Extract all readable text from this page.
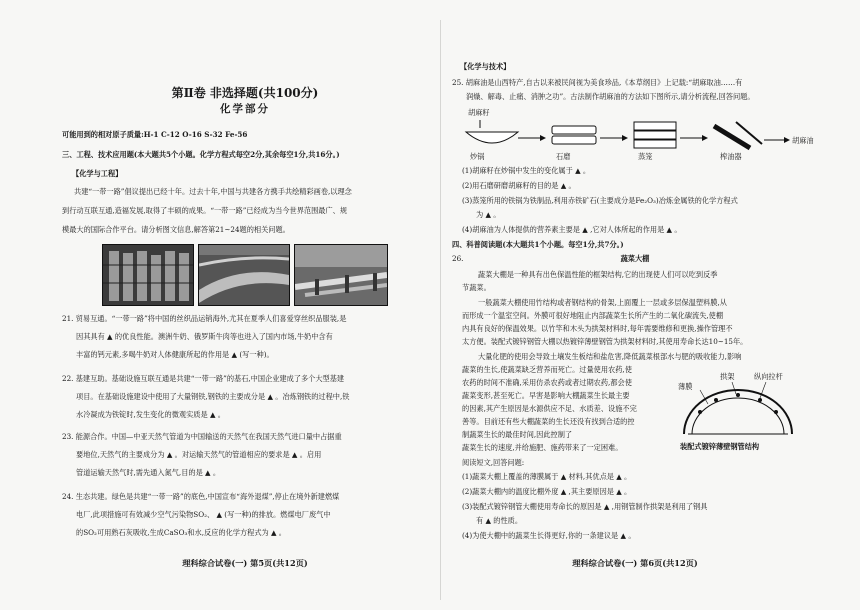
第Ⅱ卷 非选择题(共100分)
化学部分
可能用到的相对原子质量:H-1 C-12 O-16 S-32 Fe-56
三、工程、技术应用题(本大题共5个小题。化学方程式每空2分,其余每空1分,共16分。)
【化学与工程】
共建“一带一路”倡议提出已经十年。过去十年,中国与共建各方携手共绘精彩画卷,以理念
到行动互联互通,造福发展,取得了丰硕的成果。“一带一路”已经成为当今世界范围最广、规
模最大的国际合作平台。请分析图文信息,解答第21~24题的相关问题。
21. 贸易互通。“一带一路”将中国的丝织品运销海外,尤其在夏季人们喜爱穿丝织品服装,是
因其具有 ▲ 的优良性能。澳洲牛奶、俄罗斯牛肉等也进入了国内市场,牛奶中含有
丰富的钙元素,多喝牛奶对人体健康所起的作用是 ▲ (写一种)。
22. 基建互助。基础设施互联互通是共建“一带一路”的基石,中国企业建成了多个大型基建
项目。在基础设施建设中使用了大量钢铁,钢铁的主要成分是 ▲ 。冶炼钢铁的过程中,铁
水冷凝成为铁锭时,发生变化的微观实质是 ▲ 。
23. 能源合作。中国—中亚天然气管道为中国输送的天然气在我国天然气进口量中占据重
要地位,天然气的主要成分为 ▲ 。对运输天然气的管道相应的要求是 ▲ 。启用
管道运输天然气时,需先通入氮气,目的是 ▲ 。
24. 生态共建。绿色是共建“一带一路”的底色,中国宣布“海外退煤”,停止在境外新建燃煤
电厂,此项措施可有效减少空气污染物SO₂、 ▲ (写一种)的排放。燃煤电厂废气中
的SO₂可用熟石灰吸收,生成CaSO₃和水,反应的化学方程式为 ▲ 。
理科综合试卷(一) 第5页(共12页)
【化学与技术】
25. 胡麻油是山西特产,自古以来被民间视为美食珍品,《本草纲目》上记载:“胡麻取油……有
润燥、解毒、止痛、消肿之功”。古法制作胡麻油的方法如下图所示,请分析流程,回答问题。
胡麻籽
胡麻油
炒锅	石磨	蒸笼	榨油器
(1)胡麻籽在炒锅中发生的变化属于 ▲ 。
(2)用石磨研磨胡麻籽的目的是 ▲ 。
(3)蒸笼所用的铁锅为铁制品,利用赤铁矿石(主要成分是Fe₂O₃)冶炼金属铁的化学方程式
为 ▲ 。
(4)胡麻油为人体提供的营养素主要是 ▲ ,它对人体所起的作用是 ▲ 。
四、科普阅读题(本大题共1个小题。每空1分,共7分。)
26.	蔬菜大棚
蔬菜大棚是一种具有出色保温性能的框架结构,它的出现使人们可以吃到反季
节蔬菜。
一般蔬菜大棚使用竹结构或者钢结构的骨架,上面覆上一层或多层保温塑料膜,从
而形成一个温室空间。外膜可很好地阻止内部蔬菜生长所产生的二氧化碳流失,使棚
内具有良好的保温效果。以竹竿和木头为拱架材料时,每年需要维修和更换,操作管理不
太方便。装配式镀锌钢管大棚以热镀锌薄壁钢管为拱架材料时,其使用寿命长达10~15年。
大量化肥的使用会导致土壤发生板结和盐危害,降低蔬菜根部水与肥的吸收能力,影响
蔬菜的生长,使蔬菜缺乏营养而死亡。过量使用农药,使
农药的时间不准确,采用仿杀农药或者过期农药,都会使
蔬菜变形,甚至死亡。早害是影响大棚蔬菜生长最主要
的因素,其产生原因是水源供应不足、水质差、设施不完
善等。目前还有些大棚蔬菜的生长还没有找到合适的控
制蔬菜生长的最佳时间,因此控制了
蔬菜生长的速度,并给施肥、施药带来了一定困难。
薄膜
拱架	纵向拉杆
装配式镀锌薄壁钢管结构
阅读短文,回答问题:
(1)蔬菜大棚上覆盖的薄膜属于 ▲ 材料,其优点是 ▲ 。
(2)蔬菜大棚内的温度比棚外度 ▲ ,其主要原因是 ▲ 。
(3)装配式镀锌钢管大棚使用寿命长的原因是 ▲ ,用钢管制作拱架是利用了钢具
有 ▲ 的性质。
(4)为使大棚中的蔬菜生长得更好,你的一条建议是 ▲ 。
理科综合试卷(一) 第6页(共12页)
